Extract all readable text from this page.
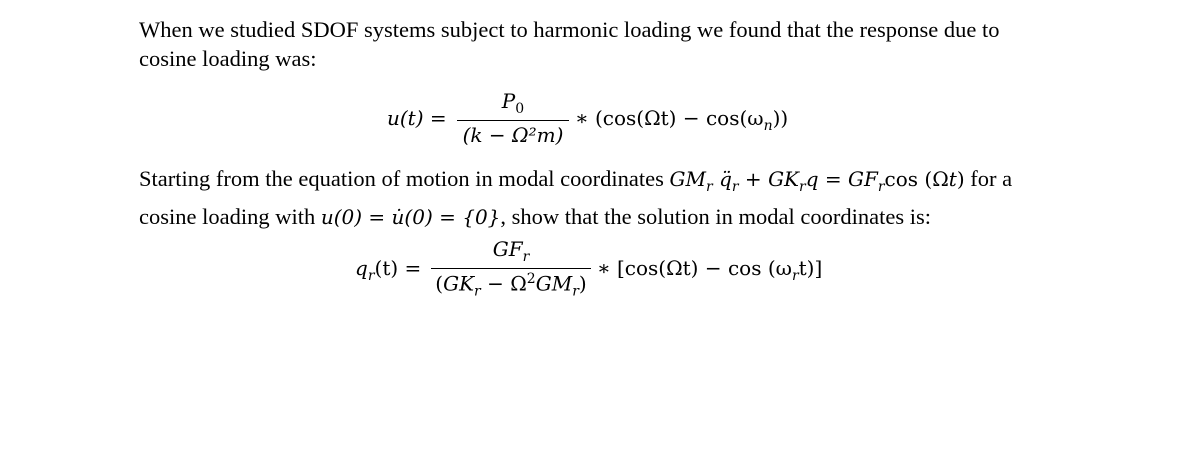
When we studied SDOF systems subject to harmonic loading we found that the response due to
cosine loading was:

u(t) =
$P_0$
(k − Ω²m)
∗ $(\cos(\Omega t) - \cos(\omega_n))$

Starting from the equation of motion in modal coordinates $GM_r$ $q̈_r + GK_rq = GF_r\cos$ (Ωt) for a
cosine loading with u(0) = u̇(0) = {0}, show that the solution in modal coordinates is:

$q_r(t)$ =
$GF_r$
$(GK_r - \Omega^2GM_r)$
∗ $[\cos(\Omega t) - \cos (\omega_rt)]$
